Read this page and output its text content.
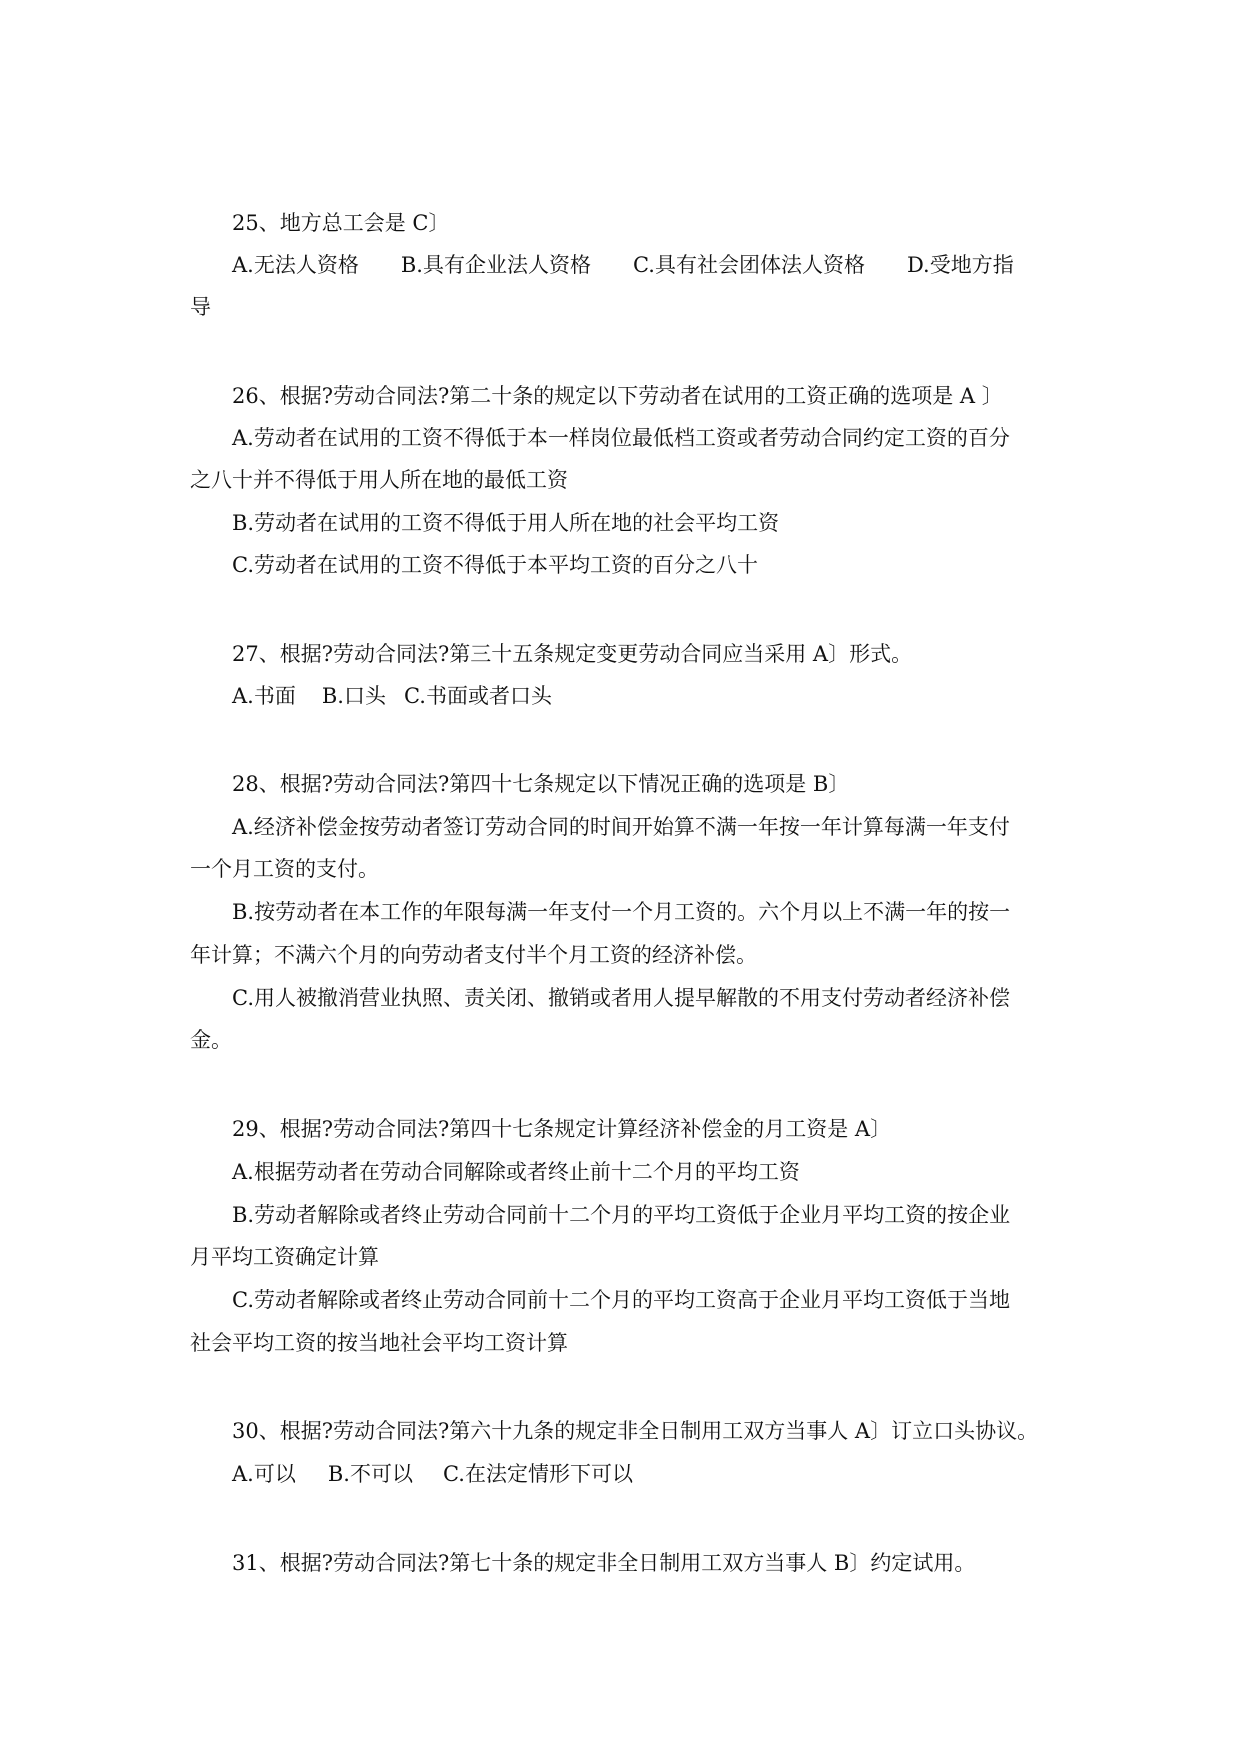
25、地方总工会是 C〕
A.无法人资格 B.具有企业法人资格 C.具有社会团体法人资格 D.受地方指
导
26、根据?劳动合同法?第二十条的规定以下劳动者在试用的工资正确的选项是 A 〕
A.劳动者在试用的工资不得低于本一样岗位最低档工资或者劳动合同约定工资的百分
之八十并不得低于用人所在地的最低工资
B.劳动者在试用的工资不得低于用人所在地的社会平均工资
C.劳动者在试用的工资不得低于本平均工资的百分之八十
27、根据?劳动合同法?第三十五条规定变更劳动合同应当采用 A〕形式。
A.书面 B.口头 C.书面或者口头
28、根据?劳动合同法?第四十七条规定以下情况正确的选项是 B〕
A.经济补偿金按劳动者签订劳动合同的时间开始算不满一年按一年计算每满一年支付
一个月工资的支付。
B.按劳动者在本工作的年限每满一年支付一个月工资的。六个月以上不满一年的按一
年计算；不满六个月的向劳动者支付半个月工资的经济补偿。
C.用人被撤消营业执照、责关闭、撤销或者用人提早解散的不用支付劳动者经济补偿
金。
29、根据?劳动合同法?第四十七条规定计算经济补偿金的月工资是 A〕
A.根据劳动者在劳动合同解除或者终止前十二个月的平均工资
B.劳动者解除或者终止劳动合同前十二个月的平均工资低于企业月平均工资的按企业
月平均工资确定计算
C.劳动者解除或者终止劳动合同前十二个月的平均工资高于企业月平均工资低于当地
社会平均工资的按当地社会平均工资计算
30、根据?劳动合同法?第六十九条的规定非全日制用工双方当事人 A〕订立口头协议。
A.可以 B.不可以 C.在法定情形下可以
31、根据?劳动合同法?第七十条的规定非全日制用工双方当事人 B〕约定试用。
